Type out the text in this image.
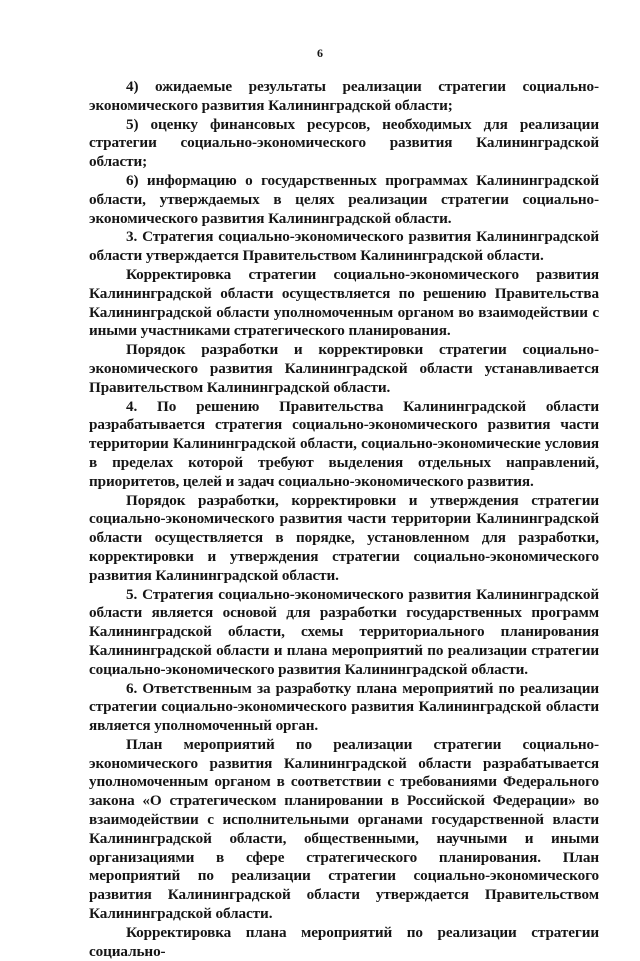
6

4) ожидаемые результаты реализации стратегии социально-экономического развития Калининградской области;

5) оценку финансовых ресурсов, необходимых для реализации стратегии социально-экономического развития Калининградской области;

6) информацию о государственных программах Калининградской области, утверждаемых в целях реализации стратегии социально-экономического развития Калининградской области.

3. Стратегия социально-экономического развития Калининградской области утверждается Правительством Калининградской области.

Корректировка стратегии социально-экономического развития Калининградской области осуществляется по решению Правительства Калининградской области уполномоченным органом во взаимодействии с иными участниками стратегического планирования.

Порядок разработки и корректировки стратегии социально-экономического развития Калининградской области устанавливается Правительством Калининградской области.

4. По решению Правительства Калининградской области разрабатывается стратегия социально-экономического развития части территории Калининградской области, социально-экономические условия в пределах которой требуют выделения отдельных направлений, приоритетов, целей и задач социально-экономического развития.

Порядок разработки, корректировки и утверждения стратегии социально-экономического развития части территории Калининградской области осуществляется в порядке, установленном для разработки, корректировки и утверждения стратегии социально-экономического развития Калининградской области.

5. Стратегия социально-экономического развития Калининградской области является основой для разработки государственных программ Калининградской области, схемы территориального планирования Калининградской области и плана мероприятий по реализации стратегии социально-экономического развития Калининградской области.

6. Ответственным за разработку плана мероприятий по реализации стратегии социально-экономического развития Калининградской области является уполномоченный орган.

План мероприятий по реализации стратегии социально-экономического развития Калининградской области разрабатывается уполномоченным органом в соответствии с требованиями Федерального закона «О стратегическом планировании в Российской Федерации» во взаимодействии с исполнительными органами государственной власти Калининградской области, общественными, научными и иными организациями в сфере стратегического планирования. План мероприятий по реализации стратегии социально-экономического развития Калининградской области утверждается Правительством Калининградской области.

Корректировка плана мероприятий по реализации стратегии социально-
